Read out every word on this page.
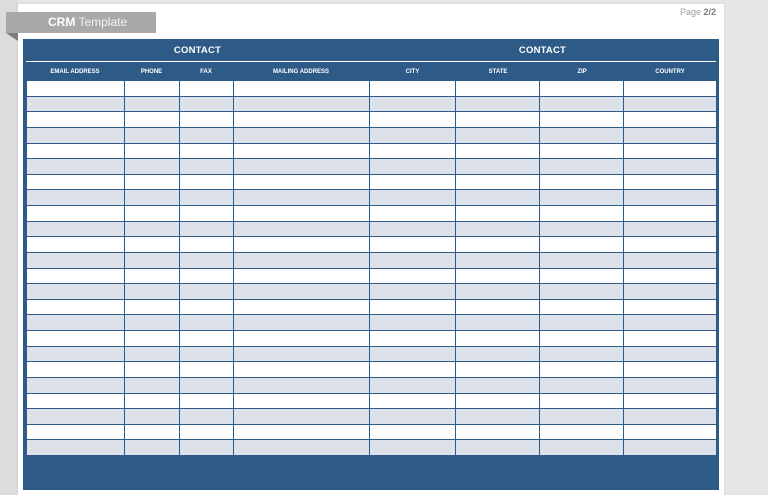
Page 2/2
CONTACT	CONTACT
EMAIL ADDRESS	PHONE	FAX	MAILING ADDRESS	CITY	STATE	ZIP	COUNTRY
CRM Template
